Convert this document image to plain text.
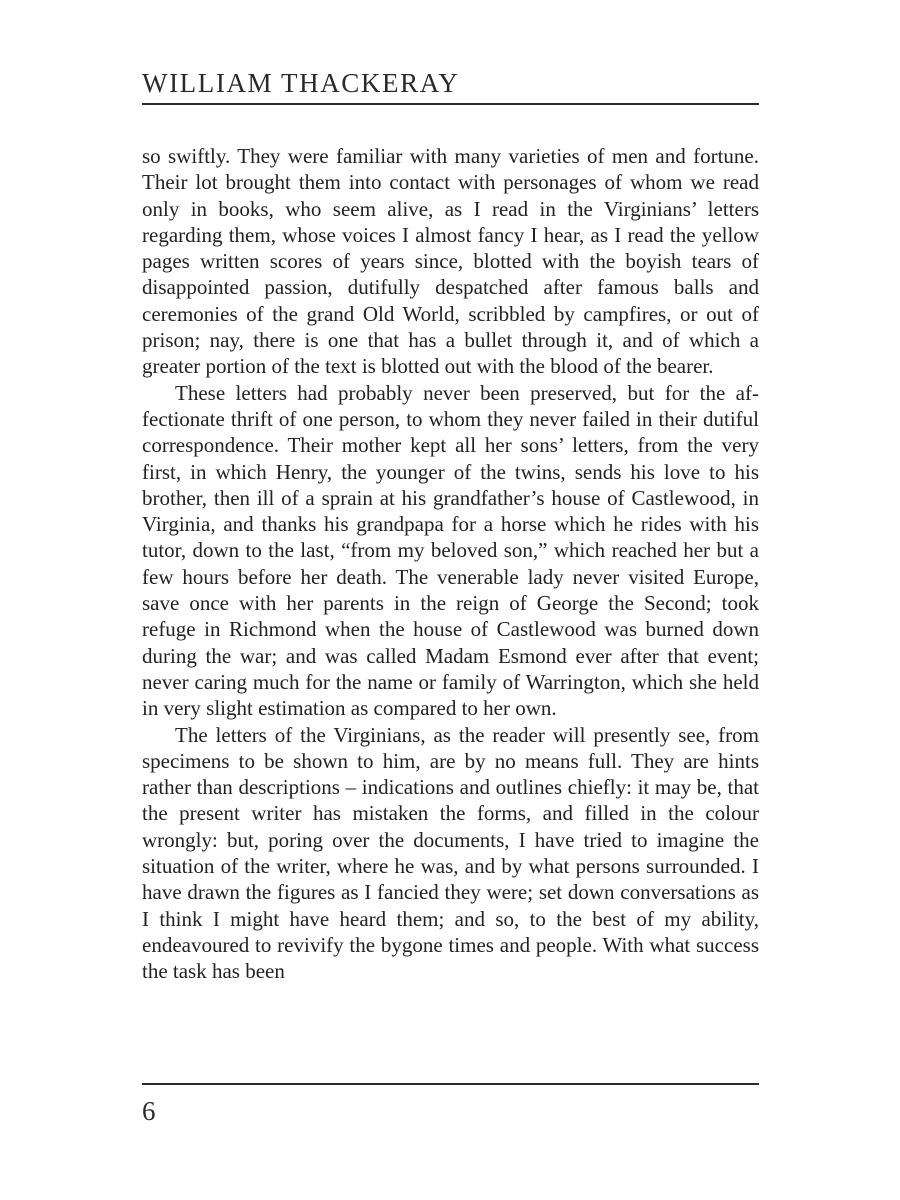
WILLIAM THACKERAY

so swiftly. They were familiar with many varieties of men and fortune. Their lot brought them into contact with personages of whom we read only in books, who seem alive, as I read in the Virginians’ letters regarding them, whose voices I almost fancy I hear, as I read the yellow pages written scores of years since, blotted with the boyish tears of disappointed passion, dutifully despatched after famous balls and ceremonies of the grand Old World, scribbled by campfires, or out of prison; nay, there is one that has a bullet through it, and of which a greater portion of the text is blotted out with the blood of the bearer.

These letters had probably never been preserved, but for the affectionate thrift of one person, to whom they never failed in their dutiful correspondence. Their mother kept all her sons’ letters, from the very first, in which Henry, the younger of the twins, sends his love to his brother, then ill of a sprain at his grandfather’s house of Castlewood, in Virginia, and thanks his grandpapa for a horse which he rides with his tutor, down to the last, “from my beloved son,” which reached her but a few hours before her death. The venerable lady never visited Europe, save once with her parents in the reign of George the Second; took refuge in Richmond when the house of Castlewood was burned down during the war; and was called Madam Esmond ever after that event; never caring much for the name or family of Warrington, which she held in very slight estimation as compared to her own.

The letters of the Virginians, as the reader will presently see, from specimens to be shown to him, are by no means full. They are hints rather than descriptions – indications and outlines chiefly: it may be, that the present writer has mistaken the forms, and filled in the colour wrongly: but, poring over the documents, I have tried to imagine the situation of the writer, where he was, and by what persons surrounded. I have drawn the figures as I fancied they were; set down conversations as I think I might have heard them; and so, to the best of my ability, endeavoured to revivify the bygone times and people. With what success the task has been

6
